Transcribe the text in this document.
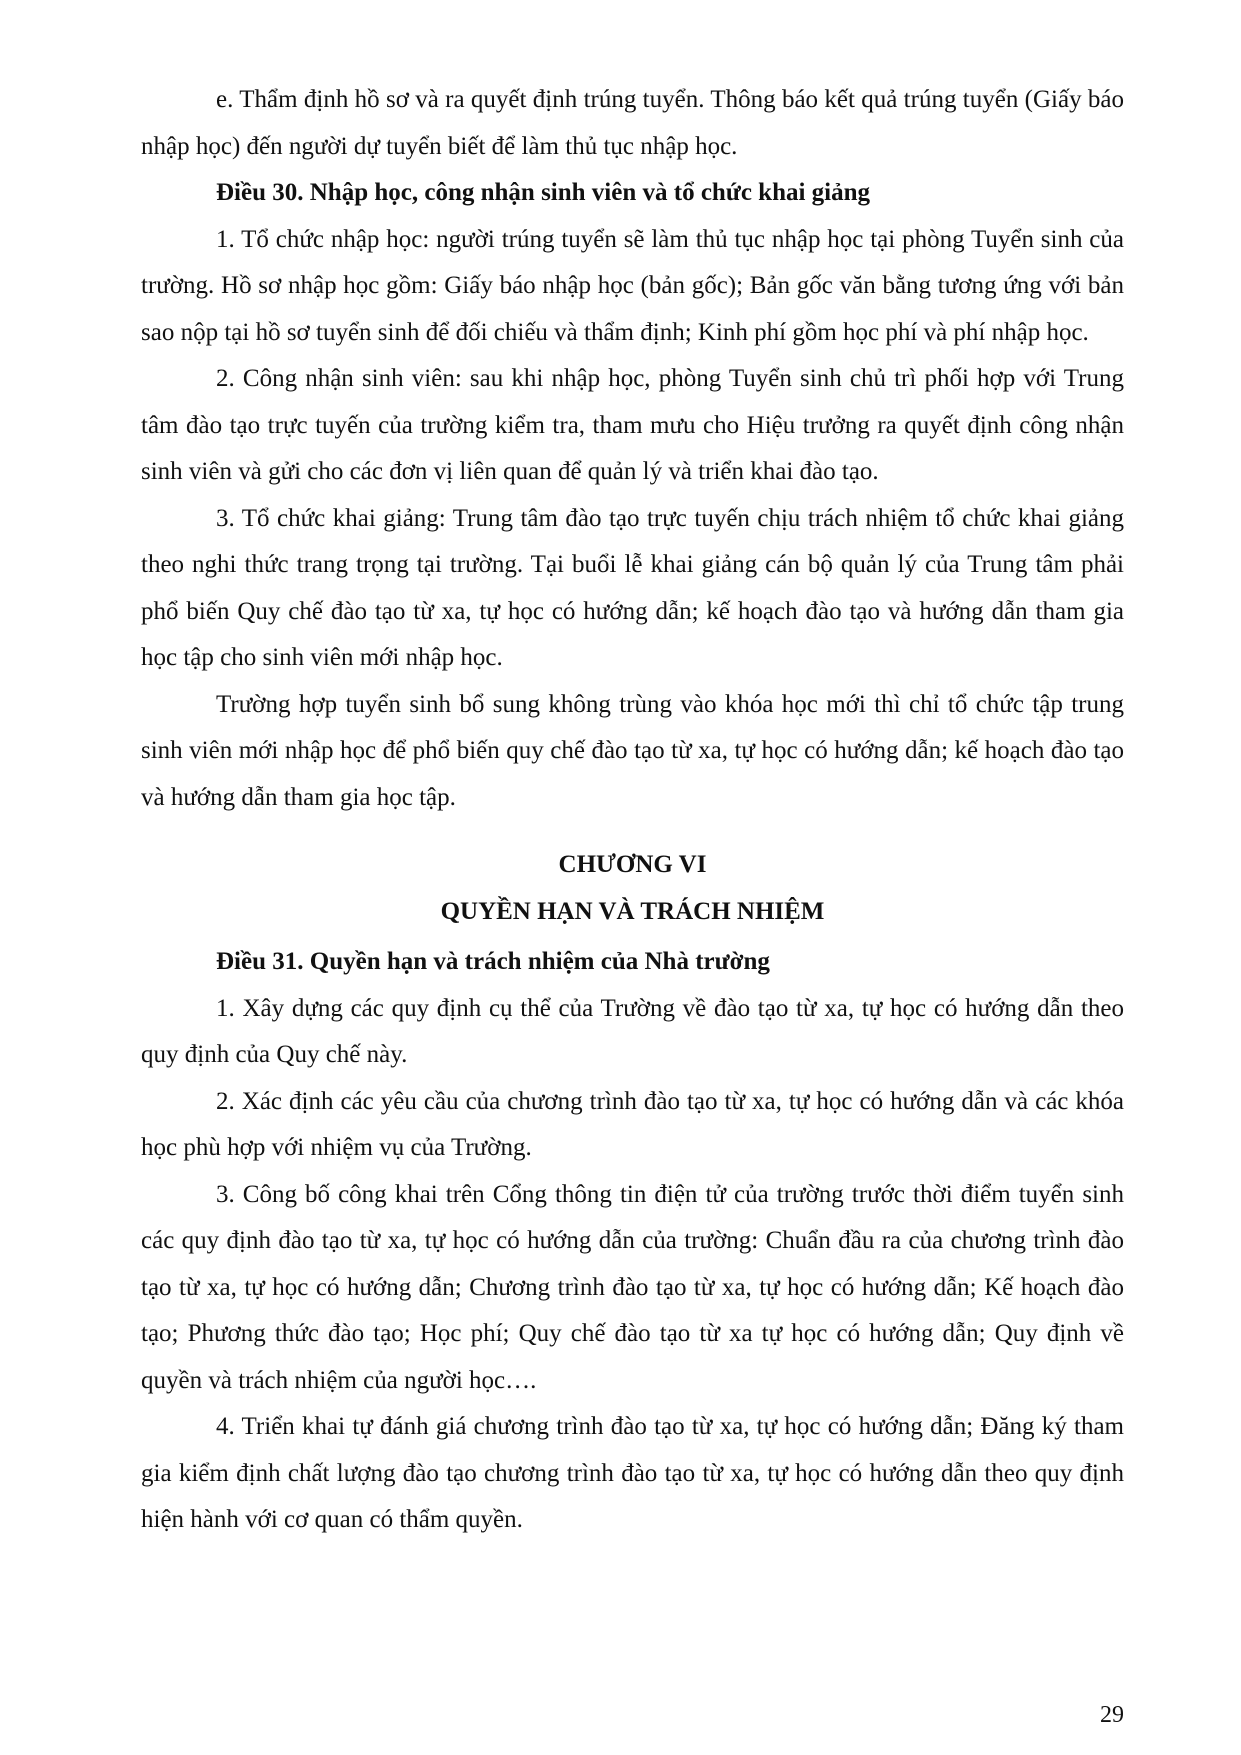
e. Thẩm định hồ sơ và ra quyết định trúng tuyển. Thông báo kết quả trúng tuyển (Giấy báo nhập học) đến người dự tuyển biết để làm thủ tục nhập học.

Điều 30. Nhập học, công nhận sinh viên và tổ chức khai giảng

1. Tổ chức nhập học: người trúng tuyển sẽ làm thủ tục nhập học tại phòng Tuyển sinh của trường. Hồ sơ nhập học gồm: Giấy báo nhập học (bản gốc); Bản gốc văn bằng tương ứng với bản sao nộp tại hồ sơ tuyển sinh để đối chiếu và thẩm định; Kinh phí gồm học phí và phí nhập học.

2. Công nhận sinh viên: sau khi nhập học, phòng Tuyển sinh chủ trì phối hợp với Trung tâm đào tạo trực tuyến của trường kiểm tra, tham mưu cho Hiệu trưởng ra quyết định công nhận sinh viên và gửi cho các đơn vị liên quan để quản lý và triển khai đào tạo.

3. Tổ chức khai giảng: Trung tâm đào tạo trực tuyến chịu trách nhiệm tổ chức khai giảng theo nghi thức trang trọng tại trường. Tại buổi lễ khai giảng cán bộ quản lý của Trung tâm phải phổ biến Quy chế đào tạo từ xa, tự học có hướng dẫn; kế hoạch đào tạo và hướng dẫn tham gia học tập cho sinh viên mới nhập học.

Trường hợp tuyển sinh bổ sung không trùng vào khóa học mới thì chỉ tổ chức tập trung sinh viên mới nhập học để phổ biến quy chế đào tạo từ xa, tự học có hướng dẫn; kế hoạch đào tạo và hướng dẫn tham gia học tập.

CHƯƠNG VI

QUYỀN HẠN VÀ TRÁCH NHIỆM

Điều 31. Quyền hạn và trách nhiệm của Nhà trường

1. Xây dựng các quy định cụ thể của Trường về đào tạo từ xa, tự học có hướng dẫn theo quy định của Quy chế này.

2. Xác định các yêu cầu của chương trình đào tạo từ xa, tự học có hướng dẫn và các khóa học phù hợp với nhiệm vụ của Trường.

3. Công bố công khai trên Cổng thông tin điện tử của trường trước thời điểm tuyển sinh các quy định đào tạo từ xa, tự học có hướng dẫn của trường: Chuẩn đầu ra của chương trình đào tạo từ xa, tự học có hướng dẫn; Chương trình đào tạo từ xa, tự học có hướng dẫn; Kế hoạch đào tạo; Phương thức đào tạo; Học phí; Quy chế đào tạo từ xa tự học có hướng dẫn; Quy định về quyền và trách nhiệm của người học….

4. Triển khai tự đánh giá chương trình đào tạo từ xa, tự học có hướng dẫn; Đăng ký tham gia kiểm định chất lượng đào tạo chương trình đào tạo từ xa, tự học có hướng dẫn theo quy định hiện hành với cơ quan có thẩm quyền.

29
